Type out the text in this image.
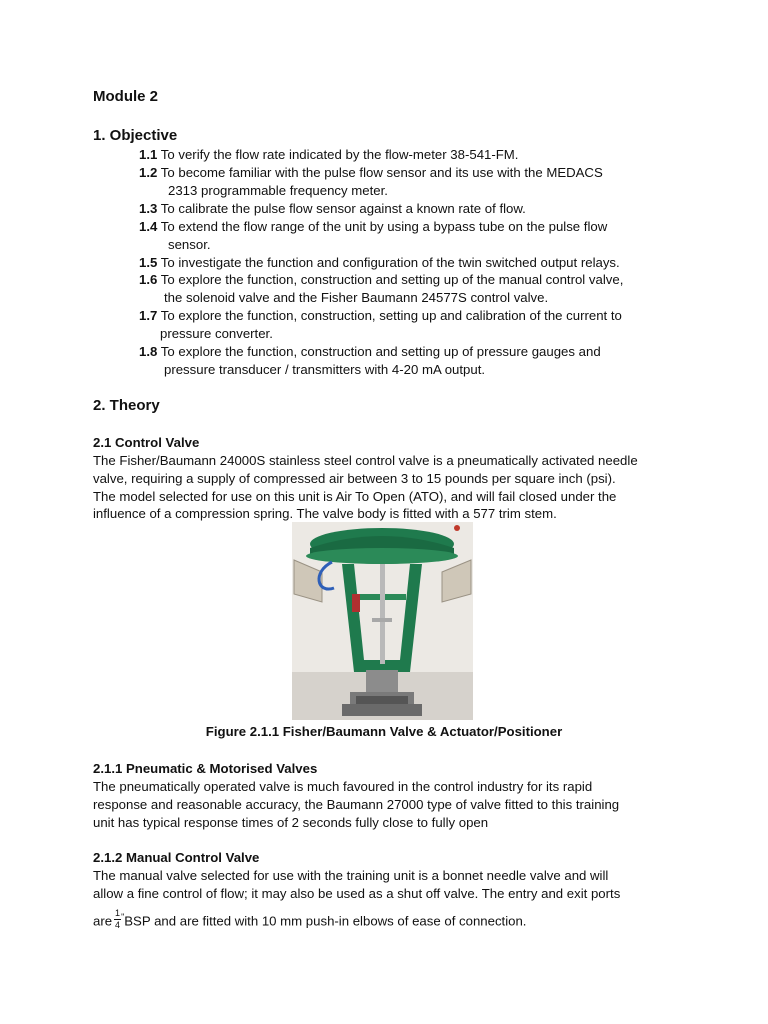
Module 2
1. Objective
1.1 To verify the flow rate indicated by the flow-meter 38-541-FM.
1.2 To become familiar with the pulse flow sensor and its use with the MEDACS
2313 programmable frequency meter.
1.3 To calibrate the pulse flow sensor against a known rate of flow.
1.4 To extend the flow range of the unit by using a bypass tube on the pulse flow
sensor.
1.5 To investigate the function and configuration of the twin switched output relays.
1.6 To explore the function, construction and setting up of the manual control valve,
the solenoid valve and the Fisher Baumann 24577S control valve.
1.7 To explore the function, construction, setting up and calibration of the current to
pressure converter.
1.8 To explore the function, construction and setting up of pressure gauges and
pressure transducer / transmitters with 4-20 mA output.
2. Theory
2.1 Control Valve
The Fisher/Baumann 24000S stainless steel control valve is a pneumatically activated needle
valve, requiring a supply of compressed air between 3 to 15 pounds per square inch (psi).
The model selected for use on this unit is Air To Open (ATO), and will fail closed under the
influence of a compression spring. The valve body is fitted with a 577 trim stem.
Figure 2.1.1 Fisher/Baumann Valve & Actuator/Positioner
2.1.1 Pneumatic & Motorised Valves
The pneumatically operated valve is much favoured in the control industry for its rapid
response and reasonable accuracy, the Baumann 27000 type of valve fitted to this training
unit has typical response times of 2 seconds fully close to fully open
2.1.2 Manual Control Valve
The manual valve selected for use with the training unit is a bonnet needle valve and will
allow a fine control of flow; it may also be used as a shut off valve. The entry and exit ports
are $\frac{1}{4} ^"BSP$ and are fitted with 10 mm push-in elbows of ease of connection.
